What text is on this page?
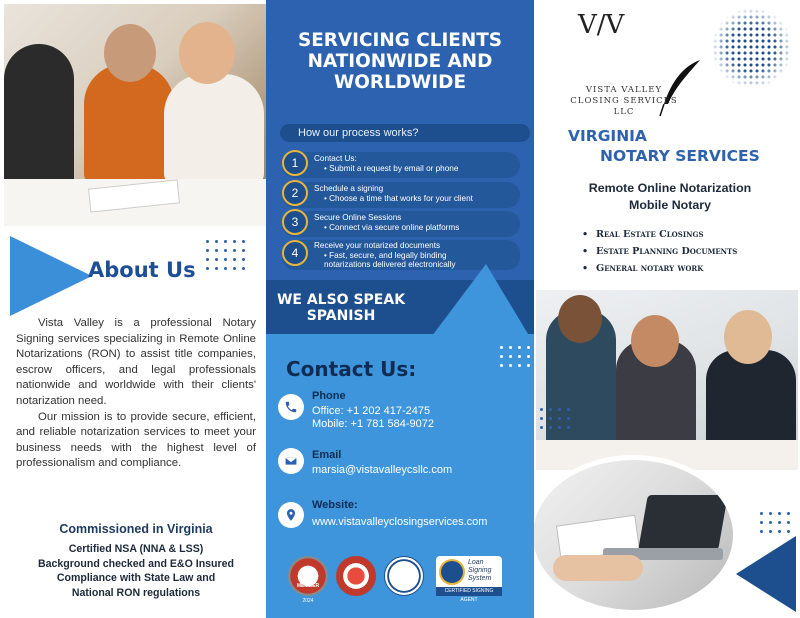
About Us

Vista Valley is a professional Notary Signing services specializing in Remote Online Notarizations (RON) to assist title companies, escrow officers, and legal professionals nationwide and worldwide with their clients' notarization need.

Our mission is to provide secure, efficient, and reliable notarization services to meet your business needs with the highest level of professionalism and compliance.

Commissioned in Virginia
Certified NSA (NNA & LSS)
Background checked and E&O Insured
Compliance with State Law and
National RON regulations
SERVICING CLIENTS
NATIONWIDE AND
WORLDWIDE
How our process works?
1	Contact Us:
• Submit a request by email or phone
2	Schedule a signing
• Choose a time that works for your client
3	Secure Online Sessions
• Connect via secure online platforms
4
Receive your notarized documents
• Fast, secure, and legally binding
notarizations delivered electronically
WE ALSO SPEAK
SPANISH
Contact Us:
Phone
Office: +1 202 417-2475
Mobile: +1 781 584-9072
Email
marsia@vistavalleycsllc.com
Website:
www.vistavalleyclosingservices.com
MEMBER
2024
Loan
Signing
System
CERTIFIED SIGNING AGENT
V/V
VISTA VALLEY
CLOSING SERVICES LLC
VIRGINIA
NOTARY SERVICES
Remote Online Notarization
Mobile Notary
• Real Estate Closings
• Estate Planning Documents
• General notary work
